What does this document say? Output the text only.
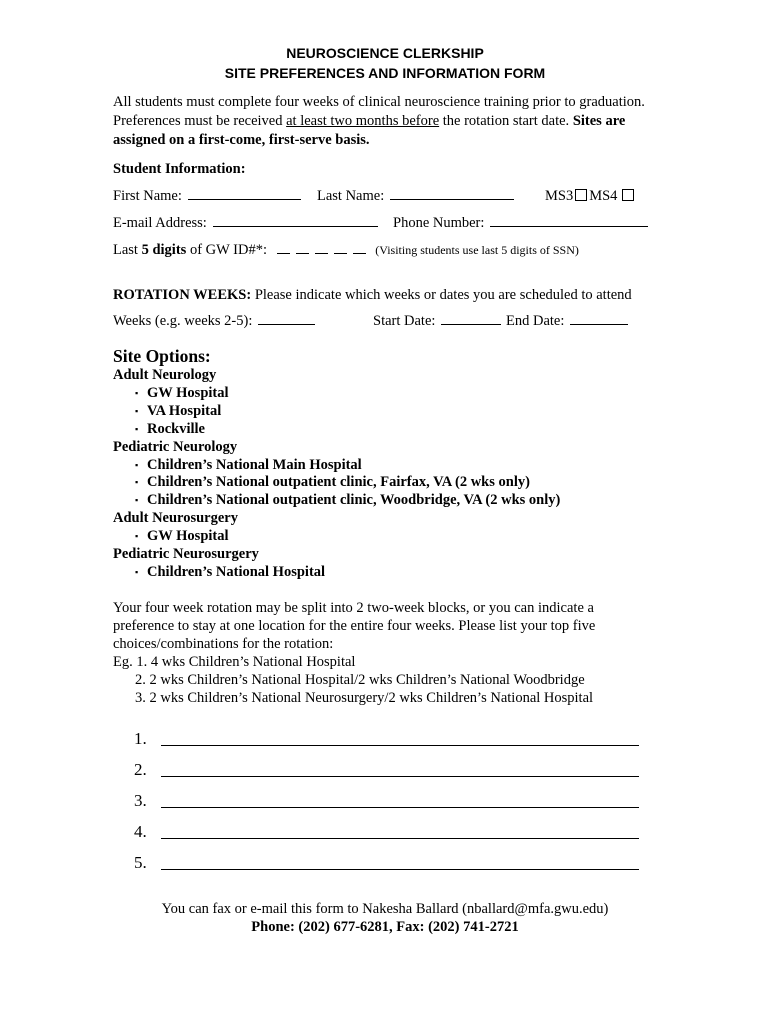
NEUROSCIENCE CLERKSHIP
SITE PREFERENCES AND INFORMATION FORM
All students must complete four weeks of clinical neuroscience training prior to graduation. Preferences must be received at least two months before the rotation start date. Sites are assigned on a first-come, first-serve basis.
Student Information:
First Name:	Last Name:	MS3 MS4
E-mail Address:	Phone Number:
Last 5 digits of GW ID#*:	(Visiting students use last 5 digits of SSN)
ROTATION WEEKS: Please indicate which weeks or dates you are scheduled to attend
Weeks (e.g. weeks 2-5):	Start Date:	End Date:
Site Options:
Adult Neurology
▪ GW Hospital
▪ VA Hospital
▪ Rockville
Pediatric Neurology
▪ Children’s National Main Hospital
▪ Children’s National outpatient clinic, Fairfax, VA (2 wks only)
▪ Children’s National outpatient clinic, Woodbridge, VA (2 wks only)
Adult Neurosurgery
▪ GW Hospital
Pediatric Neurosurgery
▪ Children’s National Hospital
Your four week rotation may be split into 2 two-week blocks, or you can indicate a preference to stay at one location for the entire four weeks. Please list your top five choices/combinations for the rotation:
Eg. 1. 4 wks Children’s National Hospital
2. 2 wks Children’s National Hospital/2 wks Children’s National Woodbridge
3. 2 wks Children’s National Neurosurgery/2 wks Children’s National Hospital
1.
2.
3.
4.
5.
You can fax or e-mail this form to Nakesha Ballard (nballard@mfa.gwu.edu)
Phone: (202) 677-6281, Fax: (202) 741-2721
